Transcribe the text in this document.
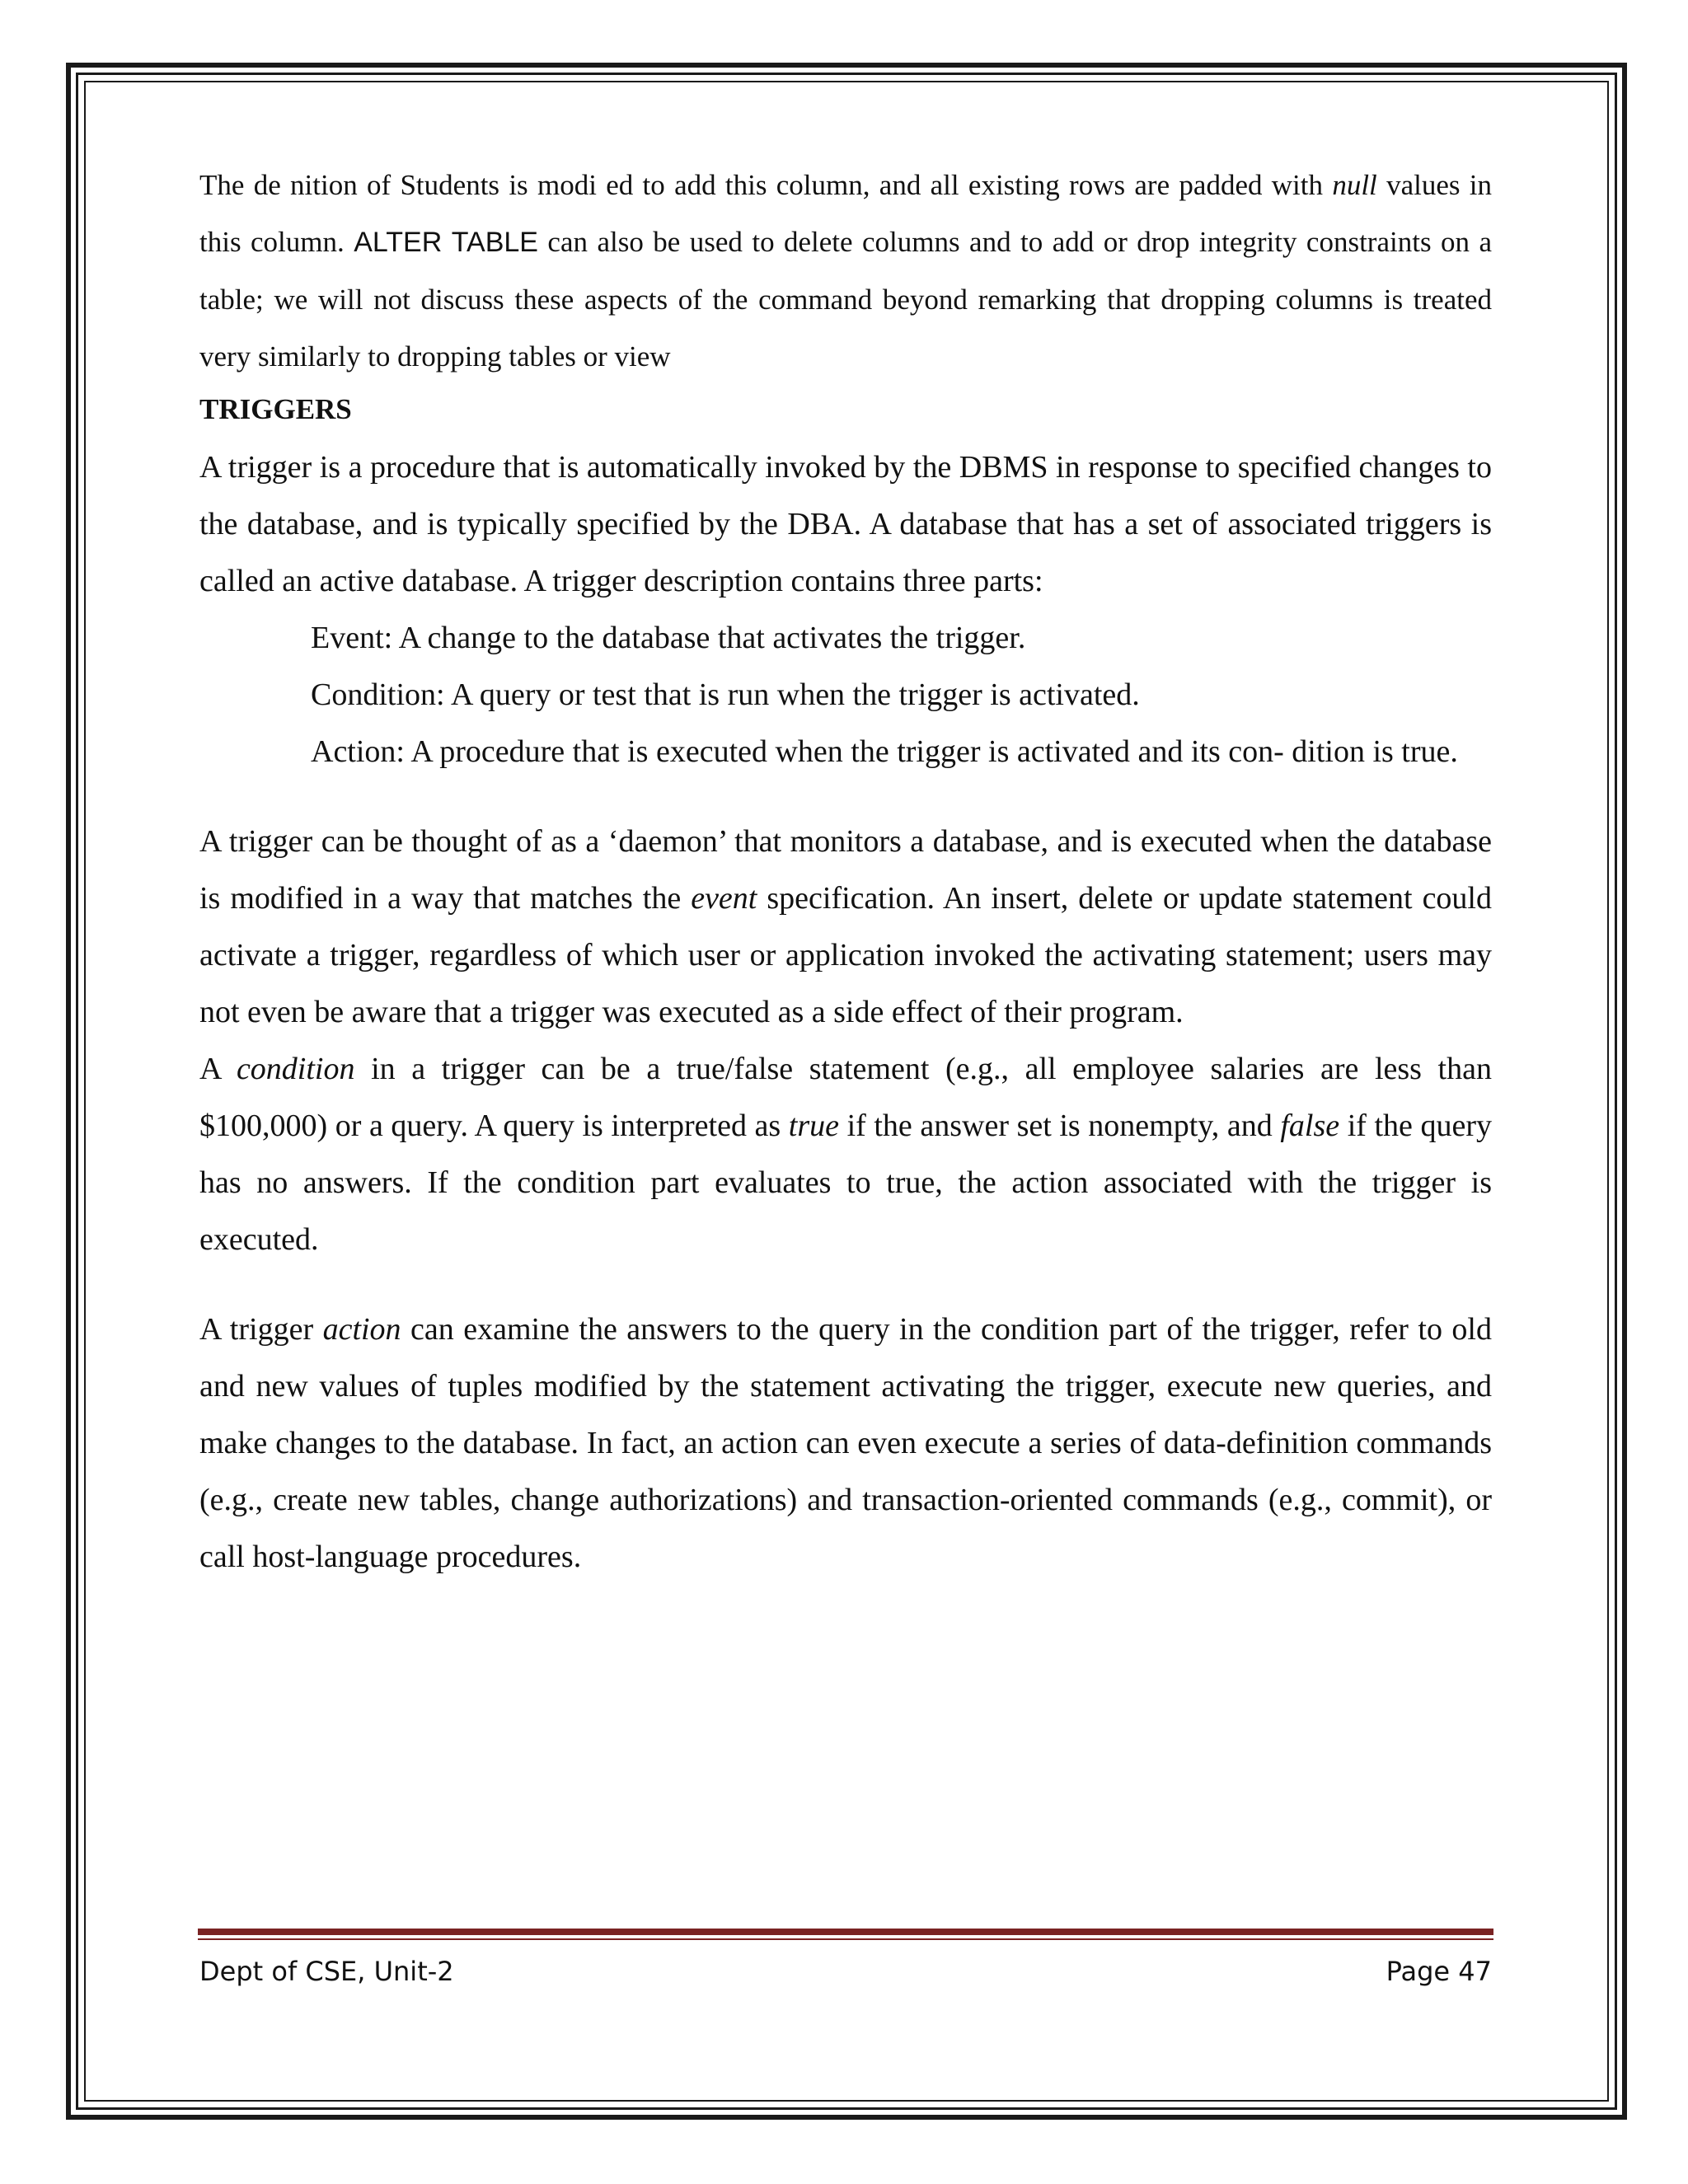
The de nition of Students is modi ed to add this column, and all existing rows are padded with null values in this column. ALTER TABLE can also be used to delete columns and to add or drop integrity constraints on a table; we will not discuss these aspects of the command beyond remarking that dropping columns is treated very similarly to dropping tables or view

TRIGGERS

A trigger is a procedure that is automatically invoked by the DBMS in response to specified changes to the database, and is typically specified by the DBA. A database that has a set of associated triggers is called an active database. A trigger description contains three parts:

Event: A change to the database that activates the trigger.

Condition: A query or test that is run when the trigger is activated.

Action: A procedure that is executed when the trigger is activated and its con- dition is true.

A trigger can be thought of as a ‘daemon’ that monitors a database, and is executed when the database is modified in a way that matches the event specification. An insert, delete or update statement could activate a trigger, regardless of which user or application invoked the activating statement; users may not even be aware that a trigger was executed as a side effect of their program.

A condition in a trigger can be a true/false statement (e.g., all employee salaries are less than $100,000) or a query. A query is interpreted as true if the answer set is nonempty, and false if the query has no answers. If the condition part evaluates to true, the action associated with the trigger is executed.

A trigger action can examine the answers to the query in the condition part of the trigger, refer to old and new values of tuples modified by the statement activating the trigger, execute new queries, and make changes to the database. In fact, an action can even execute a series of data-definition commands (e.g., create new tables, change authorizations) and transaction-oriented commands (e.g., commit), or call host-language procedures.

Dept of CSE, Unit-2	Page 47
